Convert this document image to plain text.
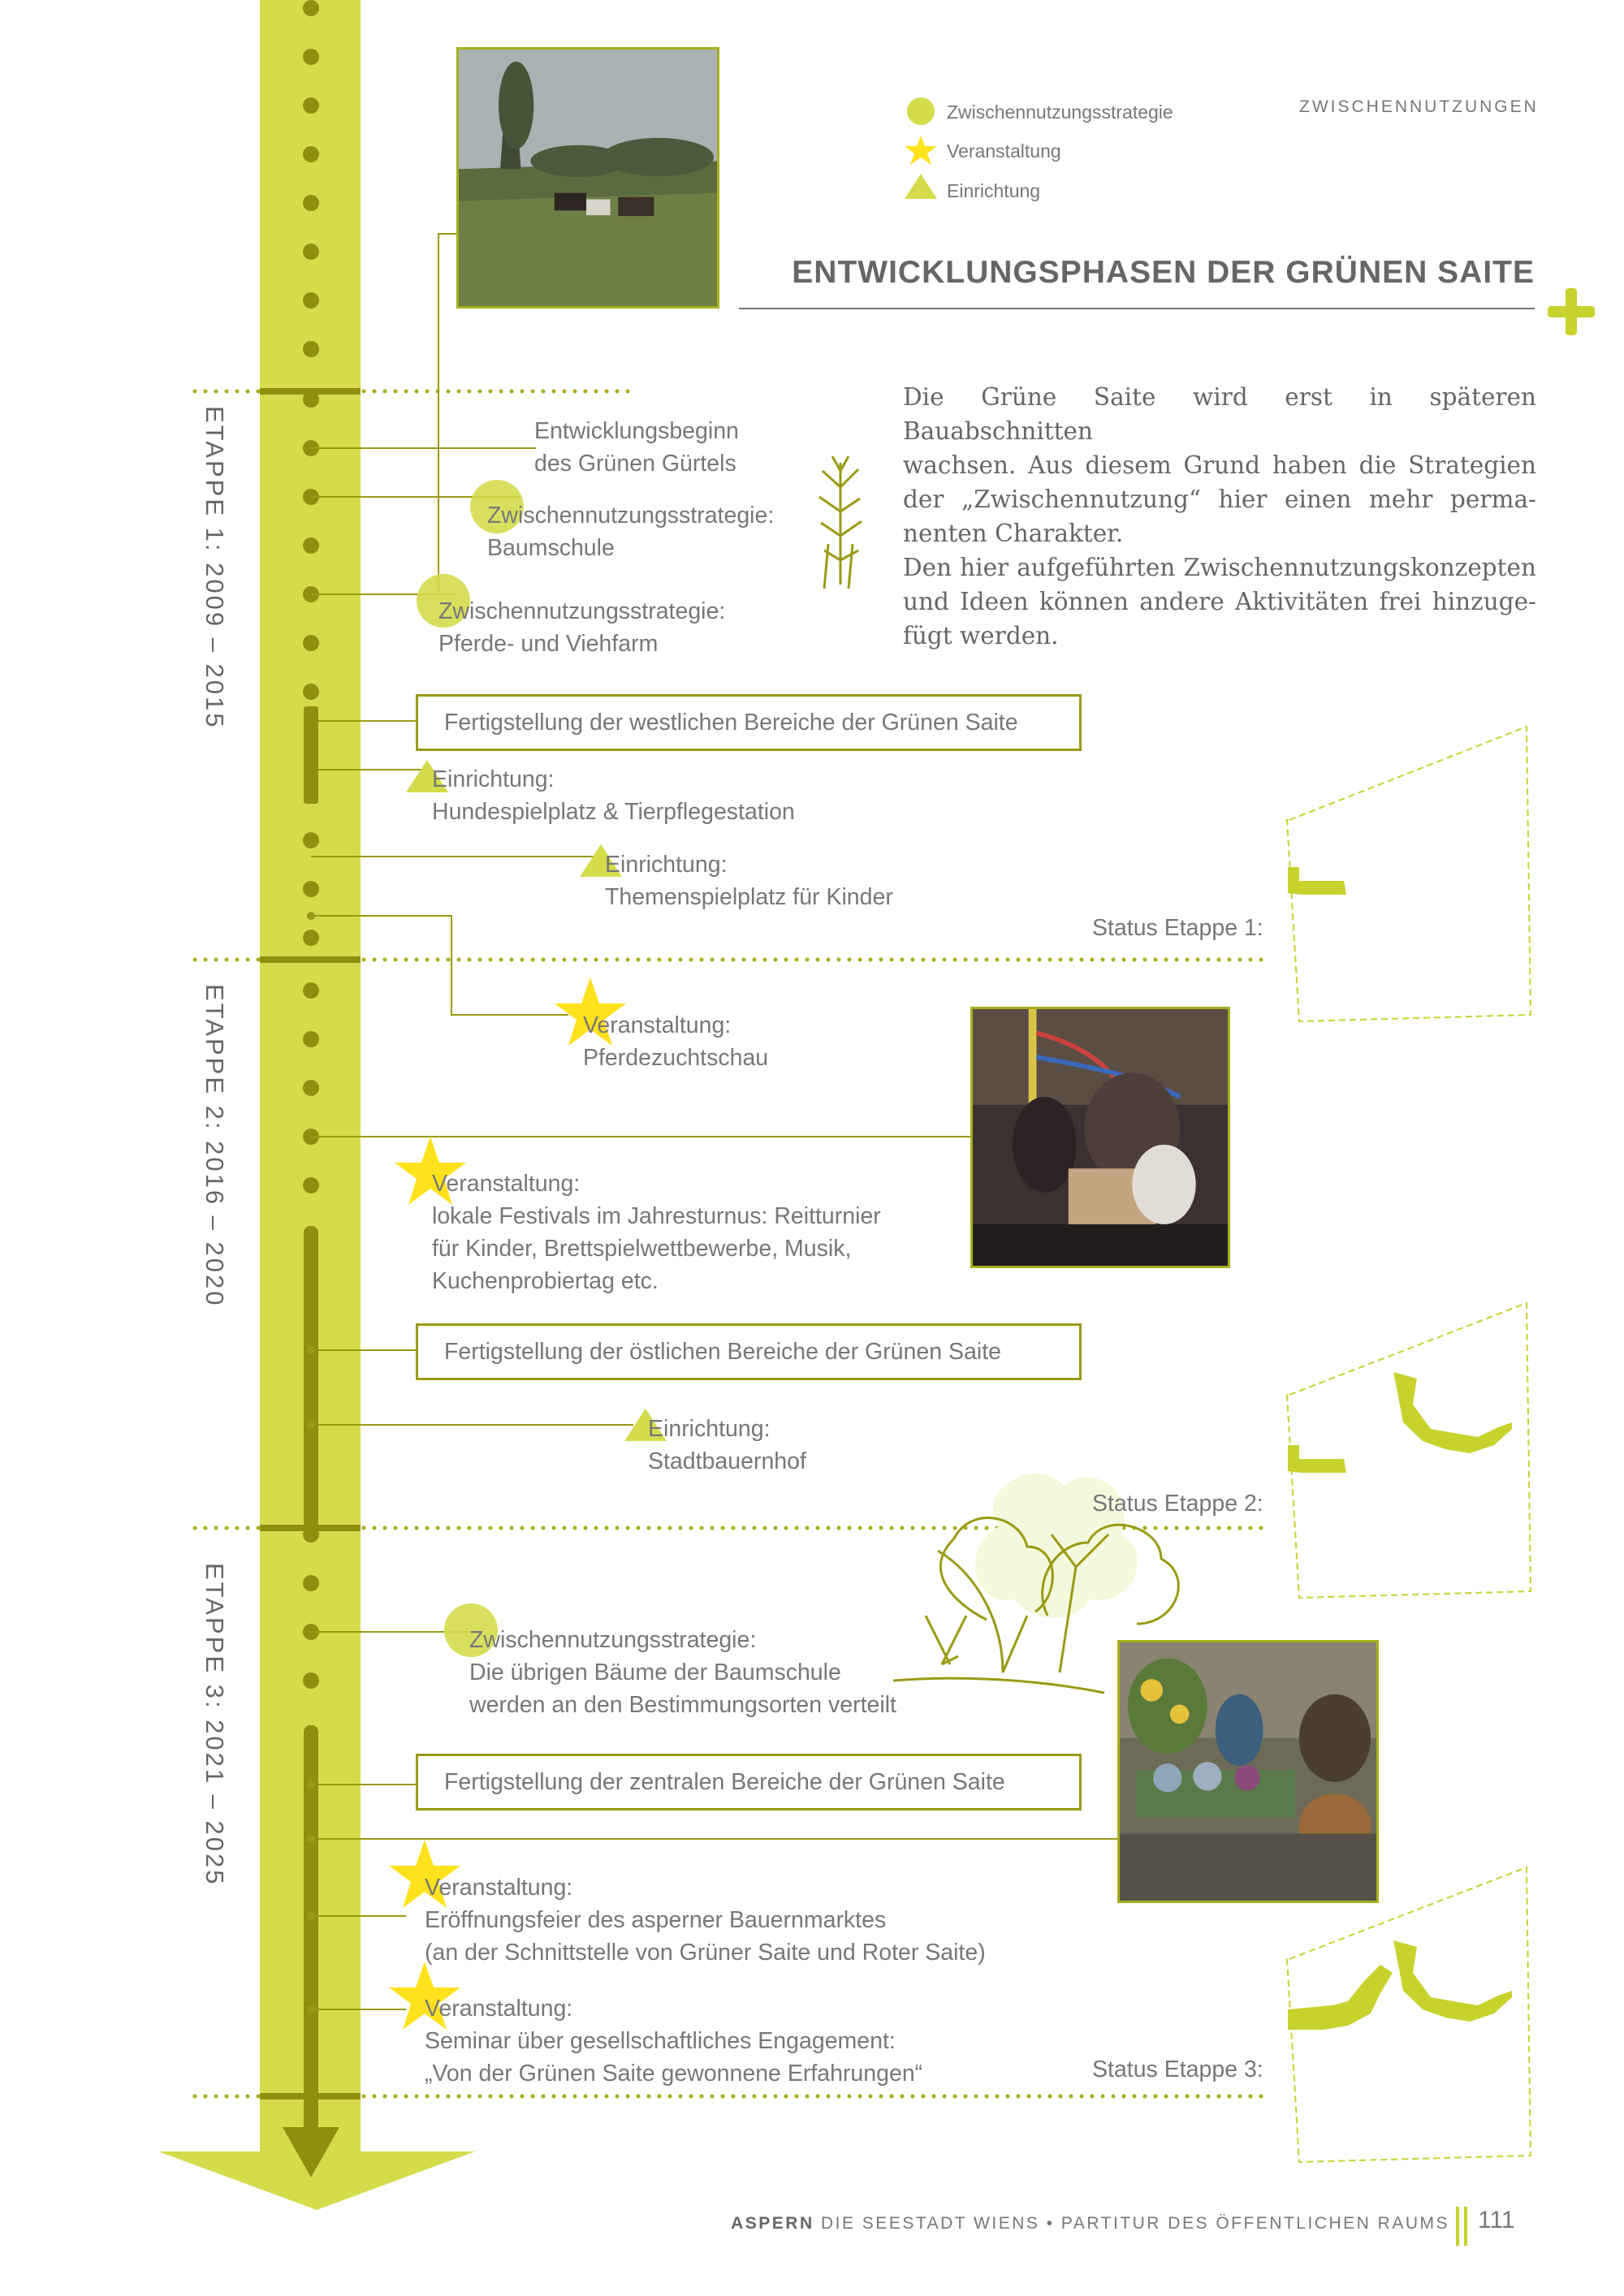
ZWISCHENNUTZUNGEN
Zwischennutzungsstrategie
Veranstaltung
Einrichtung
ENTWICKLUNGSPHASEN DER GRÜNEN SAITE
Die Grüne Saite wird erst in späteren Bauabschnitten
wachsen. Aus diesem Grund haben die Strategien
der „Zwischennutzung“ hier einen mehr perma-
nenten Charakter.
Den hier aufgeführten Zwischennutzungskonzepten
und Ideen können andere Aktivitäten frei hinzuge-
fügt werden.
ETAPPE 1: 2009 – 2015
ETAPPE 2: 2016 – 2020
ETAPPE 3: 2021 – 2025
Entwicklungsbeginn
des Grünen Gürtels
Zwischennutzungsstrategie:
Baumschule
Zwischennutzungsstrategie:
Pferde- und Viehfarm
Fertigstellung der westlichen Bereiche der Grünen Saite
Einrichtung:
Hundespielplatz & Tierpflegestation
Einrichtung:
Themenspielplatz für Kinder
Status Etappe 1:
Veranstaltung:
Pferdezuchtschau
Veranstaltung:
lokale Festivals im Jahresturnus: Reitturnier
für Kinder, Brettspielwettbewerbe, Musik,
Kuchenprobiertag etc.
Fertigstellung der östlichen Bereiche der Grünen Saite
Einrichtung:
Stadtbauernhof
Status Etappe 2:
Zwischennutzungsstrategie:
Die übrigen Bäume der Baumschule
werden an den Bestimmungsorten verteilt
Fertigstellung der zentralen Bereiche der Grünen Saite
Veranstaltung:
Eröffnungsfeier des asperner Bauernmarktes
(an der Schnittstelle von Grüner Saite und Roter Saite)
Veranstaltung:
Seminar über gesellschaftliches Engagement:
„Von der Grünen Saite gewonnene Erfahrungen“	Status Etappe 3:
ASPERN DIE SEESTADT WIENS • PARTITUR DES ÖFFENTLICHEN RAUMS 111
